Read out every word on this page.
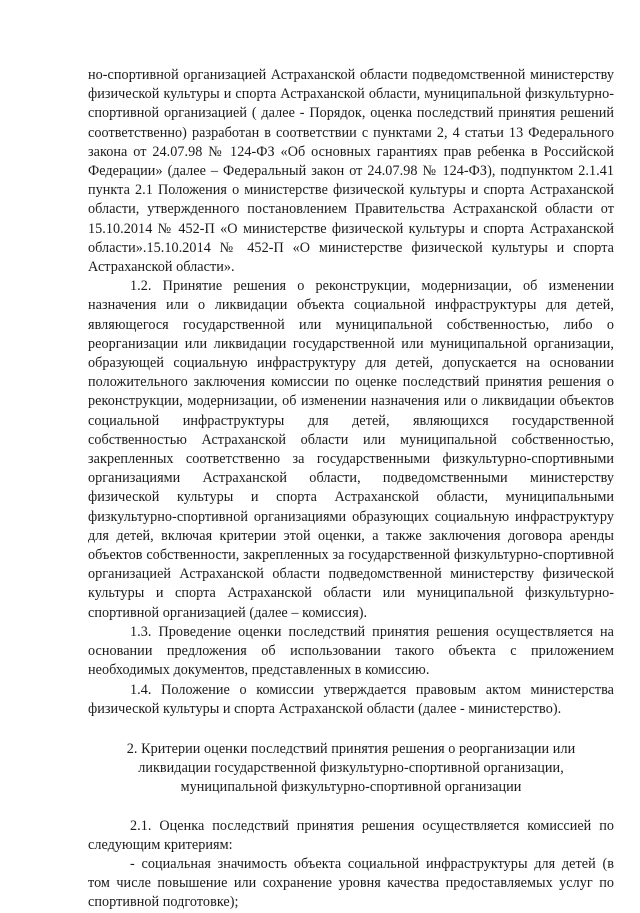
но-спортивной организацией Астраханской области подведомственной министерству физической культуры и спорта Астраханской области, муниципальной физкультурно-спортивной организацией ( далее - Порядок, оценка последствий принятия решений соответственно) разработан в соответствии с пунктами 2, 4 статьи 13 Федерального закона от 24.07.98 № 124-ФЗ «Об основных гарантиях прав ребенка в Российской Федерации» (далее – Федеральный закон от 24.07.98 № 124-ФЗ), подпунктом 2.1.41 пункта 2.1 Положения о министерстве физической культуры и спорта Астраханской области, утвержденного постановлением Правительства Астраханской области от 15.10.2014 № 452-П «О министерстве физической культуры и спорта Астраханской области».15.10.2014 № 452-П «О министерстве физической культуры и спорта Астраханской области».

1.2. Принятие решения о реконструкции, модернизации, об изменении назначения или о ликвидации объекта социальной инфраструктуры для детей, являющегося государственной или муниципальной собственностью, либо о реорганизации или ликвидации государственной или муниципальной организации, образующей социальную инфраструктуру для детей, допускается на основании положительного заключения комиссии по оценке последствий принятия решения о реконструкции, модернизации, об изменении назначения или о ликвидации объектов социальной инфраструктуры для детей, являющихся государственной собственностью Астраханской области или муниципальной собственностью, закрепленных соответственно за государственными физкультурно-спортивными организациями Астраханской области, подведомственными министерству физической культуры и спорта Астраханской области, муниципальными физкультурно-спортивной организациями образующих социальную инфраструктуру для детей, включая критерии этой оценки, а также заключения договора аренды объектов собственности, закрепленных за государственной физкультурно-спортивной организацией Астраханской области подведомственной министерству физической культуры и спорта Астраханской области или муниципальной физкультурно-спортивной организацией (далее – комиссия).

1.3. Проведение оценки последствий принятия решения осуществляется на основании предложения об использовании такого объекта с приложением необходимых документов, представленных в комиссию.

1.4. Положение о комиссии утверждается правовым актом министерства физической культуры и спорта Астраханской области (далее - министерство).

2. Критерии оценки последствий принятия решения о реорганизации или ликвидации государственной физкультурно-спортивной организации, муниципальной физкультурно-спортивной организации

2.1. Оценка последствий принятия решения осуществляется комиссией по следующим критериям:

- социальная значимость объекта социальной инфраструктуры для детей (в том числе повышение или сохранение уровня качества предоставляемых услуг по спортивной подготовке);
